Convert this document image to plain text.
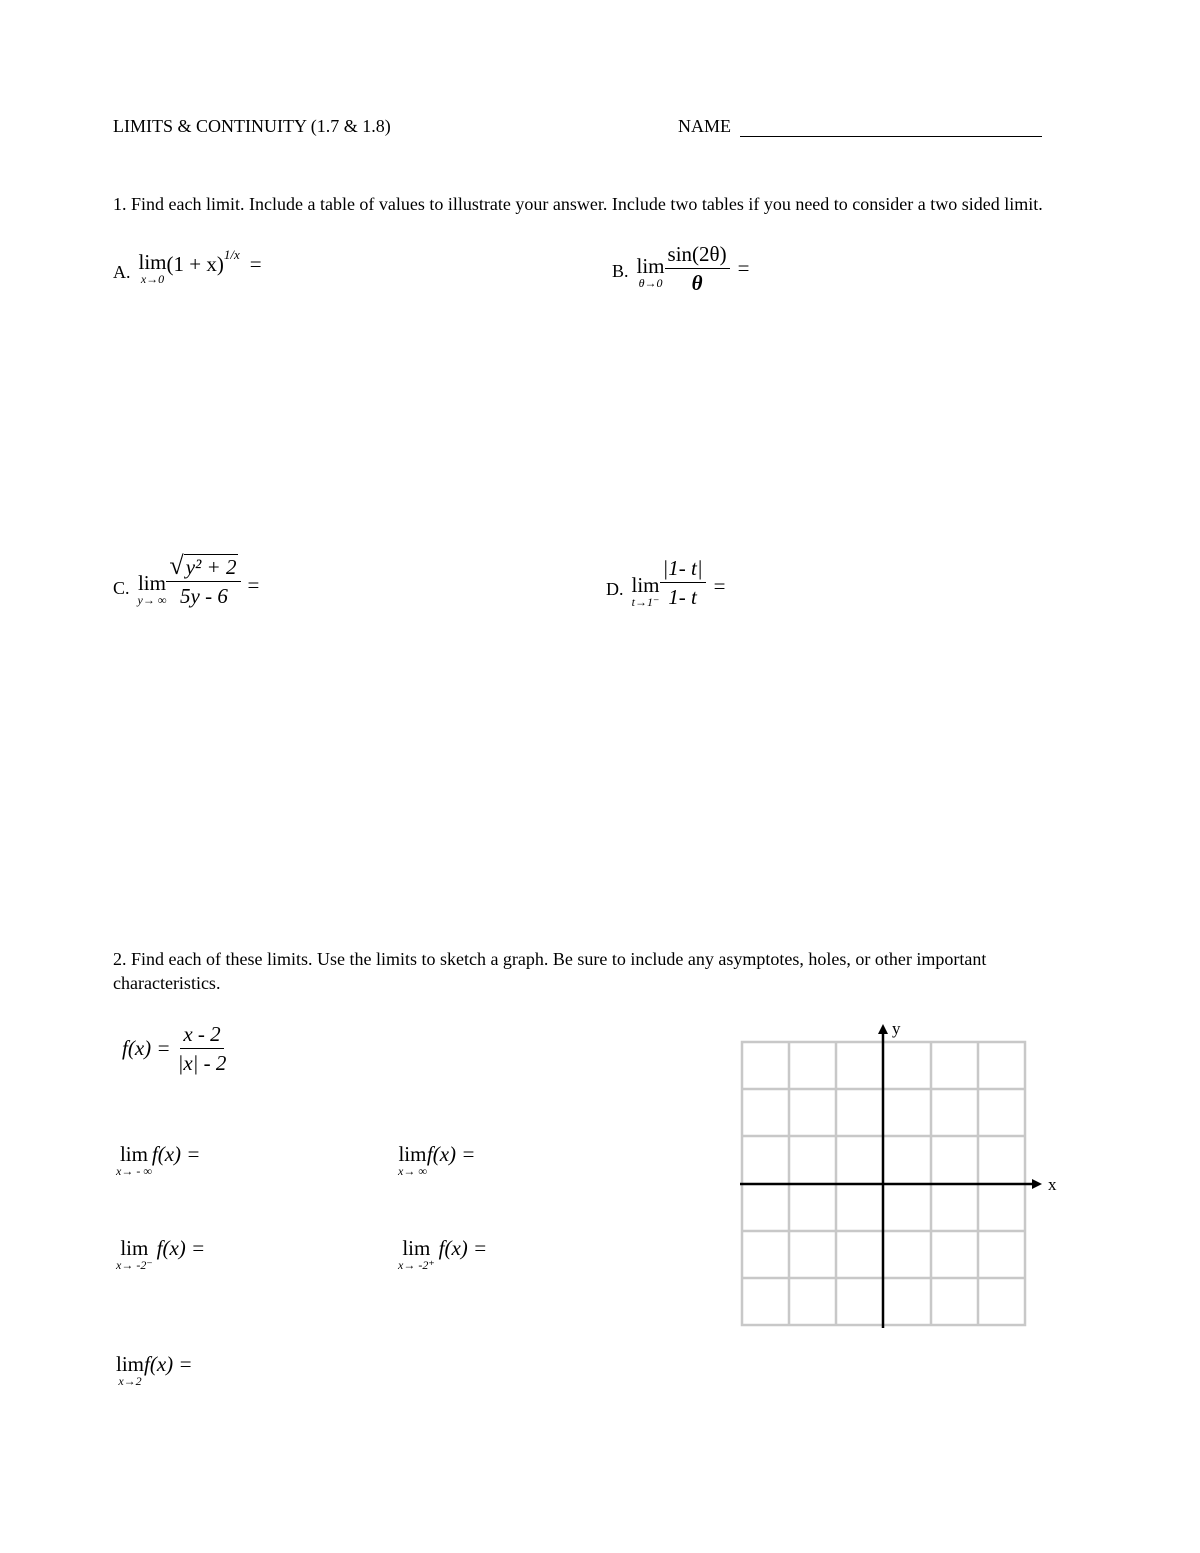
LIMITS & CONTINUITY (1.7 & 1.8)	NAME
1. Find each limit. Include a table of values to illustrate your answer. Include two tables if you need to consider a two sided limit.
A. lim
x→0
(1 + x) 1/x =	B. lim
$\theta\to 0 \frac{\sin(2\theta)}{\theta}$ =
C. lim
y→ ∞ $\frac{\text{√y² + 2}}{5y - 6}$ =	D. lim
$t\to 1^- \frac{|1- t|}{1- t}$ =
2. Find each of these limits. Use the limits to sketch a graph. Be sure to include any asymptotes, holes, or other important characteristics.
$f(x) = \frac{x - 2}{|x| - 2}$
lim
x→ - ∞
f(x) =	lim
x→ ∞
f(x) =
lim
x→ -2⁻
f(x) =	lim
x→ -2⁺
f(x) =
lim
x→2
f(x) =
x
y
